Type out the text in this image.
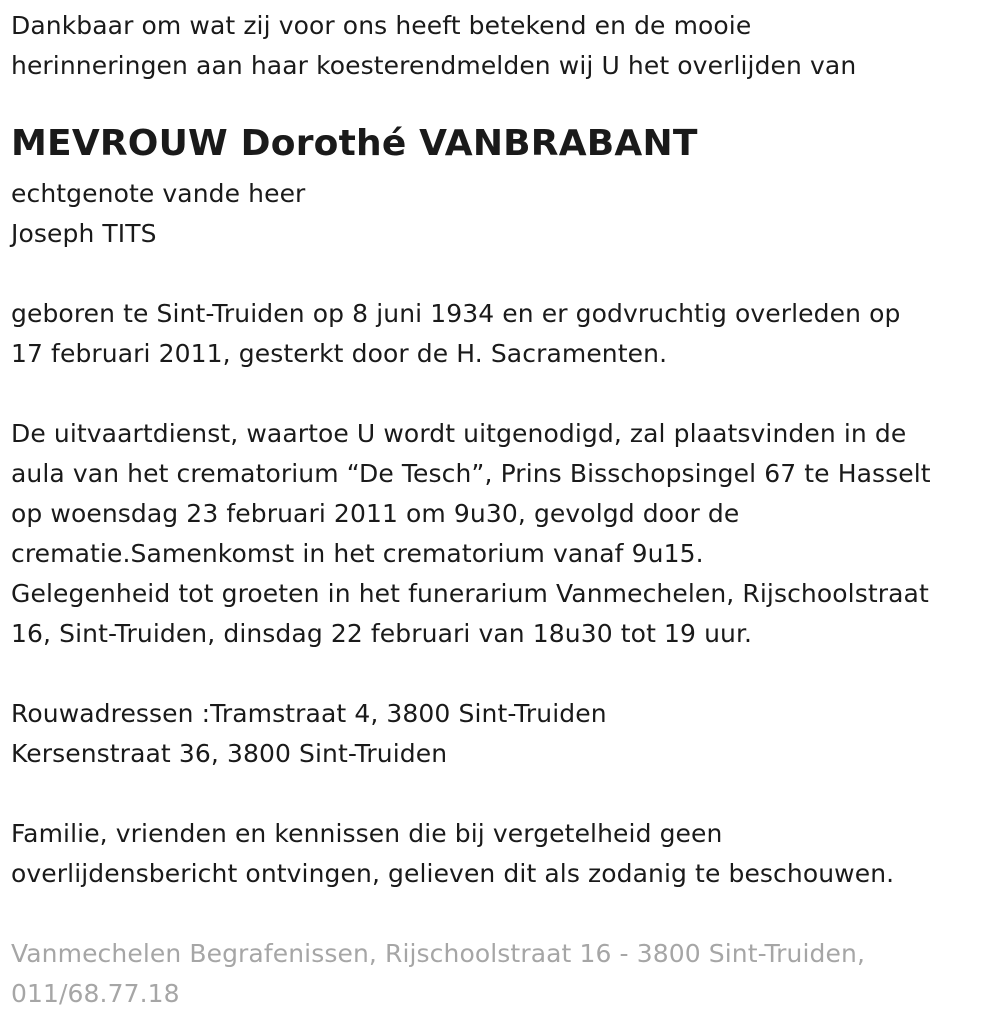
Dankbaar om wat zij voor ons heeft betekend en de mooie
herinneringen aan haar koesterendmelden wij U het overlijden van
MEVROUW Dorothé VANBRABANT
echtgenote vande heer
Joseph TITS
geboren te Sint-Truiden op 8 juni 1934 en er godvruchtig overleden op
17 februari 2011, gesterkt door de H. Sacramenten.
De uitvaartdienst, waartoe U wordt uitgenodigd, zal plaatsvinden in de
aula van het crematorium “De Tesch”, Prins Bisschopsingel 67 te Hasselt
op woensdag 23 februari 2011 om 9u30, gevolgd door de
crematie.Samenkomst in het crematorium vanaf 9u15.
Gelegenheid tot groeten in het funerarium Vanmechelen, Rijschoolstraat
16, Sint-Truiden, dinsdag 22 februari van 18u30 tot 19 uur.
Rouwadressen :Tramstraat 4, 3800 Sint-Truiden
Kersenstraat 36, 3800 Sint-Truiden
Familie, vrienden en kennissen die bij vergetelheid geen
overlijdensbericht ontvingen, gelieven dit als zodanig te beschouwen.
Vanmechelen Begrafenissen, Rijschoolstraat 16 - 3800 Sint-Truiden,
011/68.77.18
